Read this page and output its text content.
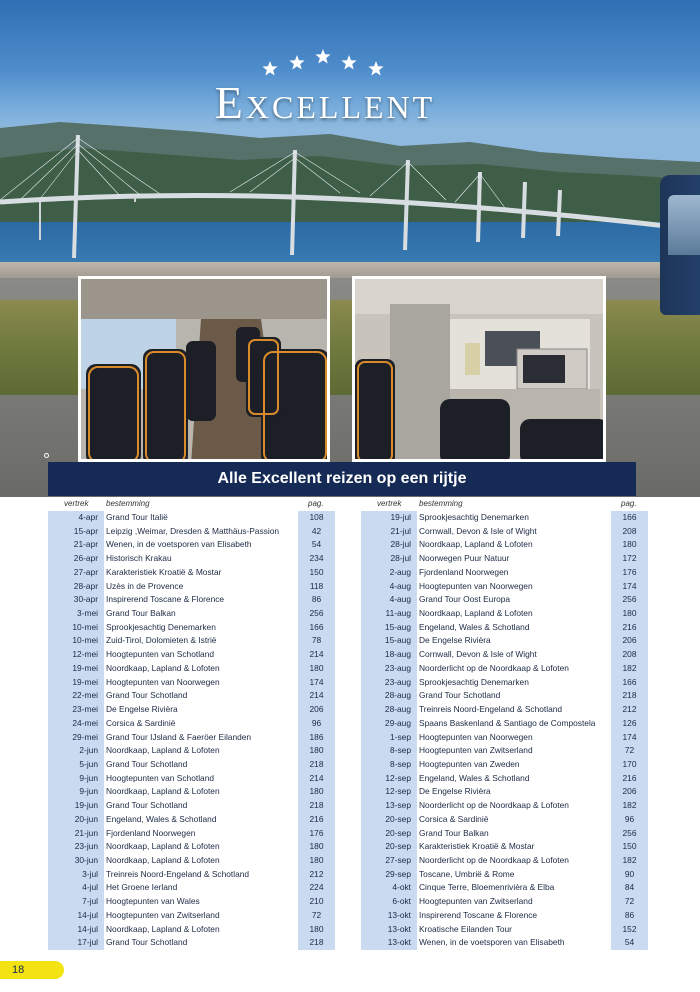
Excellent
Alle Excellent reizen op een rijtje
vertrek bestemming	pag.
4-apr Grand Tour Italië	108
15-apr Leipzig ,Weimar, Dresden & Matthäus-Passion	42
21-apr Wenen, in de voetsporen van Elisabeth	54
26-apr Historisch Krakau	234
27-apr Karakteristiek Kroatië & Mostar	150
28-apr Uzès in de Provence	118
30-apr Inspirerend Toscane & Florence	86
3-mei Grand Tour Balkan	256
10-mei Sprookjesachtig Denemarken	166
10-mei Zuid-Tirol, Dolomieten & Istrië	78
12-mei Hoogtepunten van Schotland	214
19-mei Noordkaap, Lapland & Lofoten	180
19-mei Hoogtepunten van Noorwegen	174
22-mei Grand Tour Schotland	214
23-mei De Engelse Rivièra	206
24-mei Corsica & Sardinië	96
29-mei Grand Tour IJsland & Faeröer Eilanden	186
2-jun Noordkaap, Lapland & Lofoten	180
5-jun Grand Tour Schotland	218
9-jun Hoogtepunten van Schotland	214
9-jun Noordkaap, Lapland & Lofoten	180
19-jun Grand Tour Schotland	218
20-jun Engeland, Wales & Schotland	216
21-jun Fjordenland Noorwegen	176
23-jun Noordkaap, Lapland & Lofoten	180
30-jun Noordkaap, Lapland & Lofoten	180
3-jul Treinreis Noord-Engeland & Schotland	212
4-jul Het Groene Ierland	224
7-jul Hoogtepunten van Wales	210
14-jul Hoogtepunten van Zwitserland	72
14-jul Noordkaap, Lapland & Lofoten	180
17-jul Grand Tour Schotland	218
vertrek bestemming	pag.
19-jul Sprookjesachtig Denemarken	166
21-jul Cornwall, Devon & Isle of Wight	208
28-jul Noordkaap, Lapland & Lofoten	180
28-jul Noorwegen Puur Natuur	172
2-aug Fjordenland Noorwegen	176
4-aug Hoogtepunten van Noorwegen	174
4-aug Grand Tour Oost Europa	256
11-aug Noordkaap, Lapland & Lofoten	180
15-aug Engeland, Wales & Schotland	216
15-aug De Engelse Rivièra	206
18-aug Cornwall, Devon & Isle of Wight	208
23-aug Noorderlicht op de Noordkaap & Lofoten	182
23-aug Sprookjesachtig Denemarken	166
28-aug Grand Tour Schotland	218
28-aug Treinreis Noord-Engeland & Schotland	212
29-aug Spaans Baskenland & Santiago de Compostela	126
1-sep Hoogtepunten van Noorwegen	174
8-sep Hoogtepunten van Zwitserland	72
8-sep Hoogtepunten van Zweden	170
12-sep Engeland, Wales & Schotland	216
12-sep De Engelse Rivièra	206
13-sep Noorderlicht op de Noordkaap & Lofoten	182
20-sep Corsica & Sardinië	96
20-sep Grand Tour Balkan	256
20-sep Karakteristiek Kroatië & Mostar	150
27-sep Noorderlicht op de Noordkaap & Lofoten	182
29-sep Toscane, Umbrië & Rome	90
4-okt Cinque Terre, Bloemenrivièra & Elba	84
6-okt Hoogtepunten van Zwitserland	72
13-okt Inspirerend Toscane & Florence	86
13-okt Kroatische Eilanden Tour	152
13-okt Wenen, in de voetsporen van Elisabeth	54
18
